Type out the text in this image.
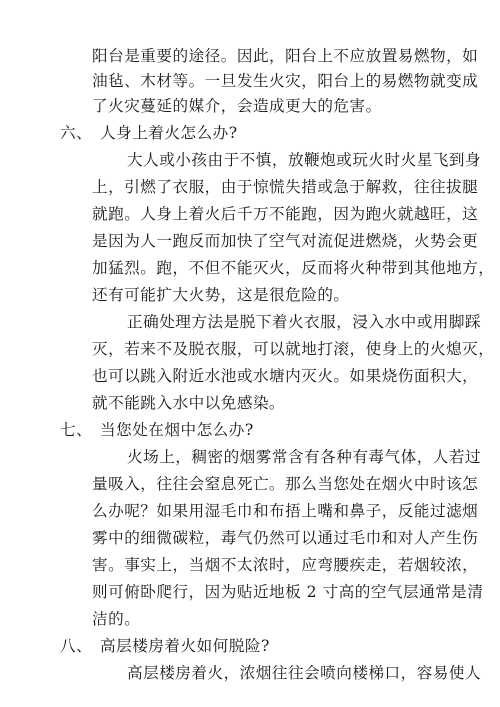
阳台是重要的途径。因此，阳台上不应放置易燃物，如

油毡、木材等。一旦发生火灾，阳台上的易燃物就变成

了火灾蔓延的媒介，会造成更大的危害。

六、 人身上着火怎么办?

大人或小孩由于不慎，放鞭炮或玩火时火星飞到身

上，引燃了衣服，由于惊慌失措或急于解救，往往拔腿

就跑。人身上着火后千万不能跑，因为跑火就越旺，这

是因为人一跑反而加快了空气对流促进燃烧，火势会更

加猛烈。跑，不但不能灭火，反而将火种带到其他地方，

还有可能扩大火势，这是很危险的。

正确处理方法是脱下着火衣服，浸入水中或用脚踩

灭，若来不及脱衣服，可以就地打滚，使身上的火熄灭，

也可以跳入附近水池或水塘内灭火。如果烧伤面积大，

就不能跳入水中以免感染。

七、 当您处在烟中怎么办?

火场上，稠密的烟雾常含有各种有毒气体，人若过

量吸入，往往会窒息死亡。那么当您处在烟火中时该怎

么办呢？如果用湿毛巾和布捂上嘴和鼻子，反能过滤烟

雾中的细微碳粒，毒气仍然可以通过毛巾和对人产生伤

害。事实上，当烟不太浓时，应弯腰疾走，若烟较浓，

则可俯卧爬行，因为贴近地板 2 寸高的空气层通常是清

洁的。

八、 高层楼房着火如何脱险?

高层楼房着火，浓烟往往会喷向楼梯口，容易使人
